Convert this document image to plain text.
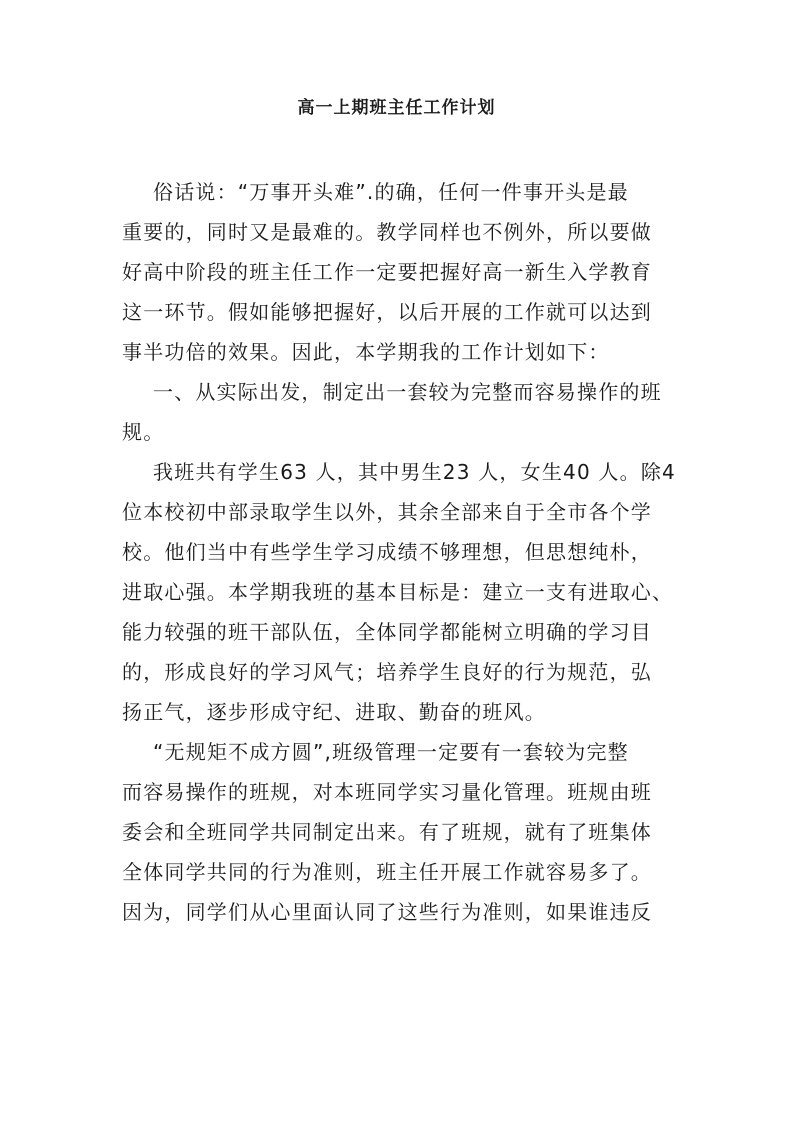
高一上期班主任工作计划
俗话说：“万事开头难”.的确，任何一件事开头是最
重要的，同时又是最难的。教学同样也不例外，所以要做
好高中阶段的班主任工作一定要把握好高一新生入学教育
这一环节。假如能够把握好，以后开展的工作就可以达到
事半功倍的效果。因此，本学期我的工作计划如下：
一、从实际出发，制定出一套较为完整而容易操作的班
规。
我班共有学生63 人，其中男生23 人，女生40 人。除4
位本校初中部录取学生以外，其余全部来自于全市各个学
校。他们当中有些学生学习成绩不够理想，但思想纯朴，
进取心强。本学期我班的基本目标是：建立一支有进取心、
能力较强的班干部队伍，全体同学都能树立明确的学习目
的，形成良好的学习风气；培养学生良好的行为规范，弘
扬正气，逐步形成守纪、进取、勤奋的班风。
“无规矩不成方圆”,班级管理一定要有一套较为完整
而容易操作的班规，对本班同学实习量化管理。班规由班
委会和全班同学共同制定出来。有了班规，就有了班集体
全体同学共同的行为准则，班主任开展工作就容易多了。
因为，同学们从心里面认同了这些行为准则，如果谁违反
